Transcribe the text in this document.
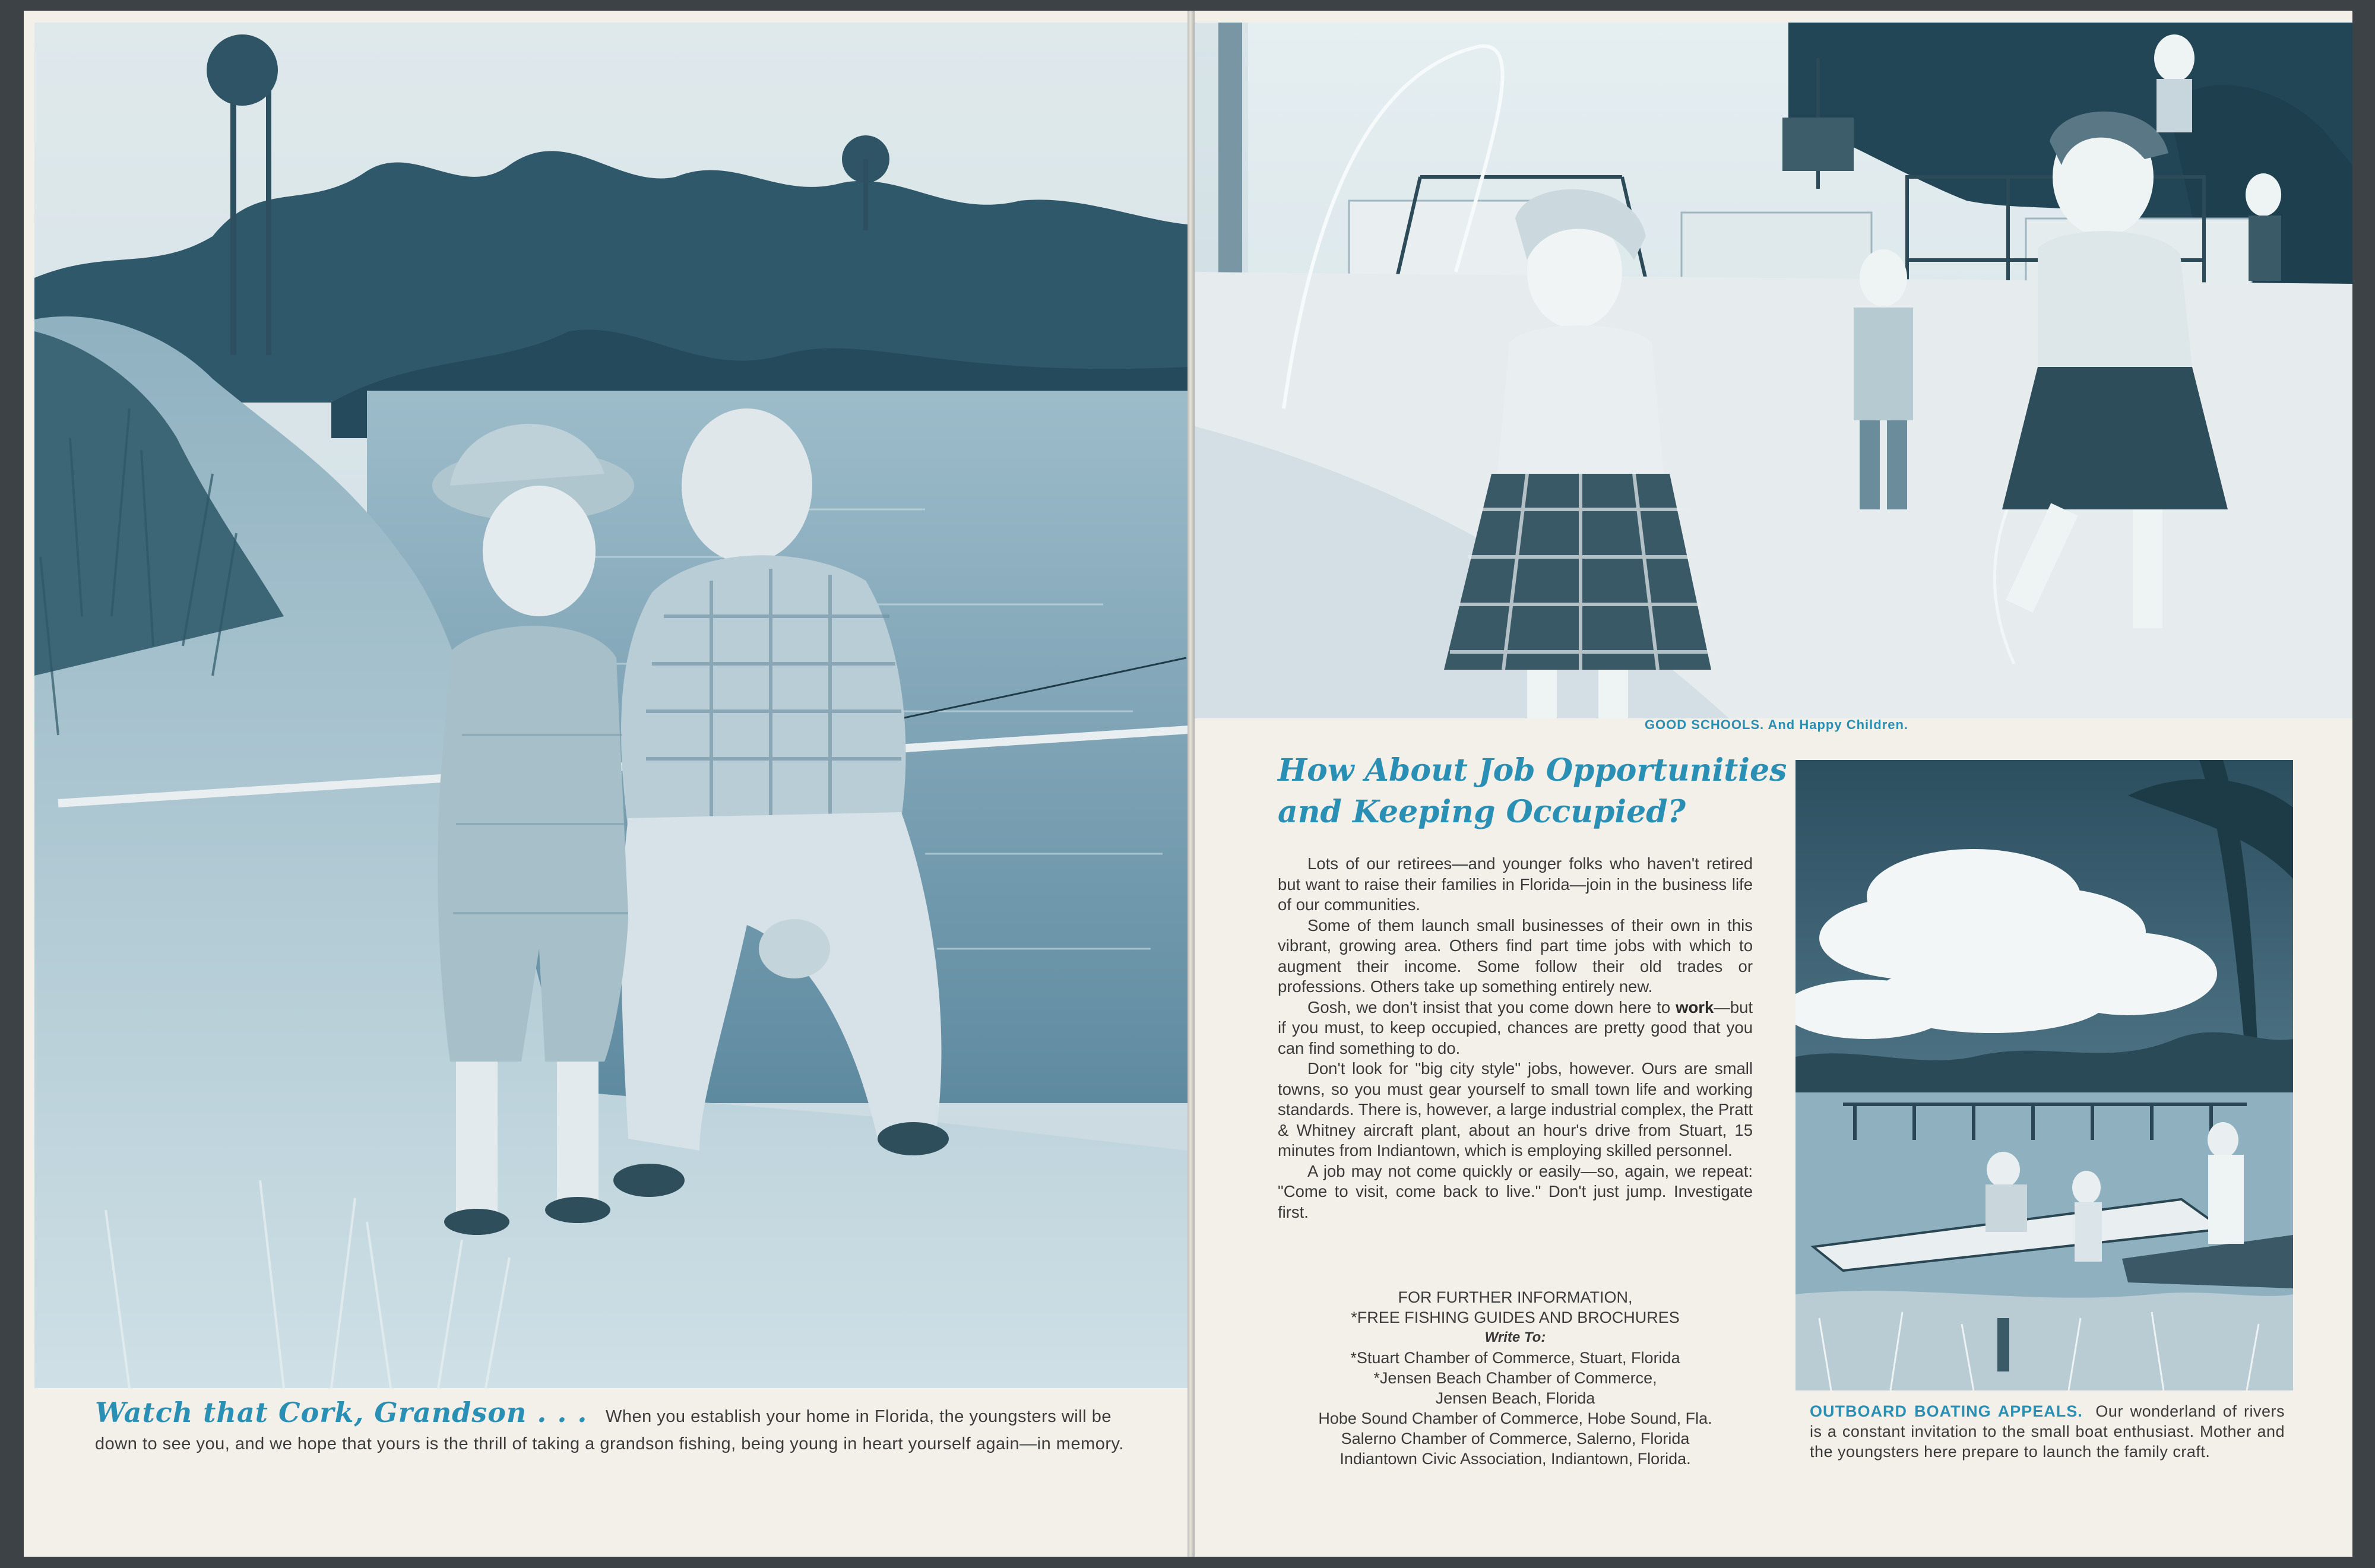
Watch that Cork, Grandson . . . When you establish your home in Florida, the youngsters will be down to see you, and we hope that yours is the thrill of taking a grandson fishing, being young in heart yourself again—in memory.
GOOD SCHOOLS. And Happy Children.
How About Job Opportunities
and Keeping Occupied?

Lots of our retirees—and younger folks who haven't retired but want to raise their families in Florida—join in the business life of our communities.

Some of them launch small businesses of their own in this vibrant, growing area. Others find part time jobs with which to augment their income. Some follow their old trades or professions. Others take up something entirely new.

Gosh, we don't insist that you come down here to work—but if you must, to keep occupied, chances are pretty good that you can find something to do.

Don't look for "big city style" jobs, however. Ours are small towns, so you must gear yourself to small town life and working standards. There is, however, a large industrial complex, the Pratt & Whitney aircraft plant, about an hour's drive from Stuart, 15 minutes from Indiantown, which is employing skilled personnel.

A job may not come quickly or easily—so, again, we repeat: "Come to visit, come back to live." Don't just jump. Investigate first.

FOR FURTHER INFORMATION,
*FREE FISHING GUIDES AND BROCHURES
Write To:
*Stuart Chamber of Commerce, Stuart, Florida
*Jensen Beach Chamber of Commerce,
Jensen Beach, Florida
Hobe Sound Chamber of Commerce, Hobe Sound, Fla.
Salerno Chamber of Commerce, Salerno, Florida
Indiantown Civic Association, Indiantown, Florida.
OUTBOARD BOATING APPEALS. Our wonderland of rivers is a constant invitation to the small boat enthusiast. Mother and the youngsters here prepare to launch the family craft.
